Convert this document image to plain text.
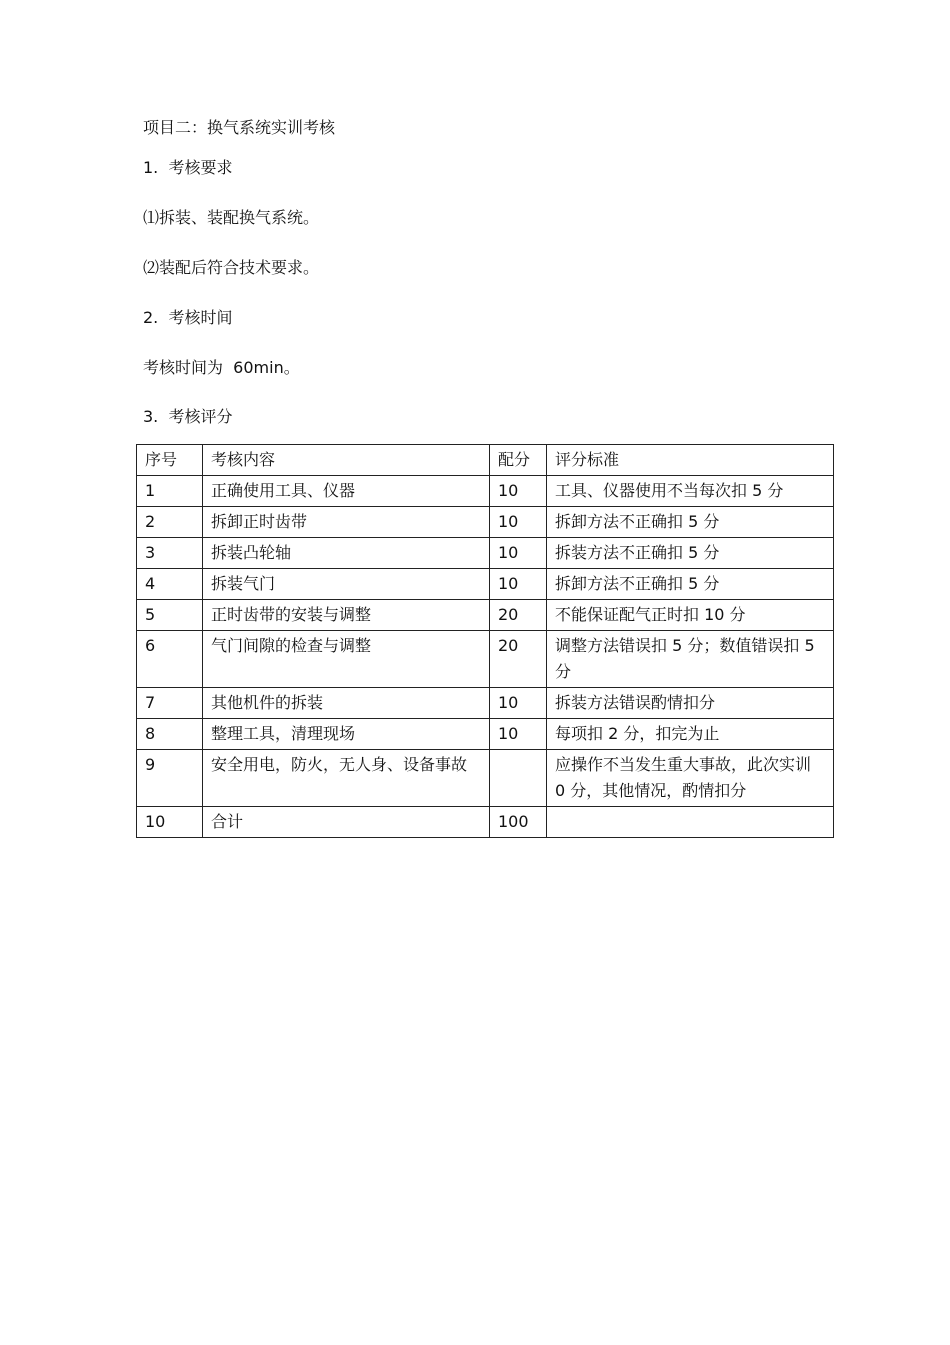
项目二：换气系统实训考核
1.  考核要求
⑴拆装、装配换气系统。
⑵装配后符合技术要求。
2.  考核时间
考核时间为  60min。
3.  考核评分
序号	考核内容	配分	评分标准
1	正确使用工具、仪器	10	工具、仪器使用不当每次扣 5 分
2	拆卸正时齿带	10	拆卸方法不正确扣 5 分
3	拆装凸轮轴	10	拆装方法不正确扣 5 分
4	拆装气门	10	拆卸方法不正确扣 5 分
5	正时齿带的安装与调整	20	不能保证配气正时扣 10 分
6	气门间隙的检查与调整	20	调整方法错误扣 5 分；数值错误扣 5 分
7	其他机件的拆装	10	拆装方法错误酌情扣分
8	整理工具，清理现场	10	每项扣 2 分，扣完为止
9	安全用电，防火，无人身、设备事故		应操作不当发生重大事故，此次实训 0 分，其他情况，酌情扣分
10	合计	100	
